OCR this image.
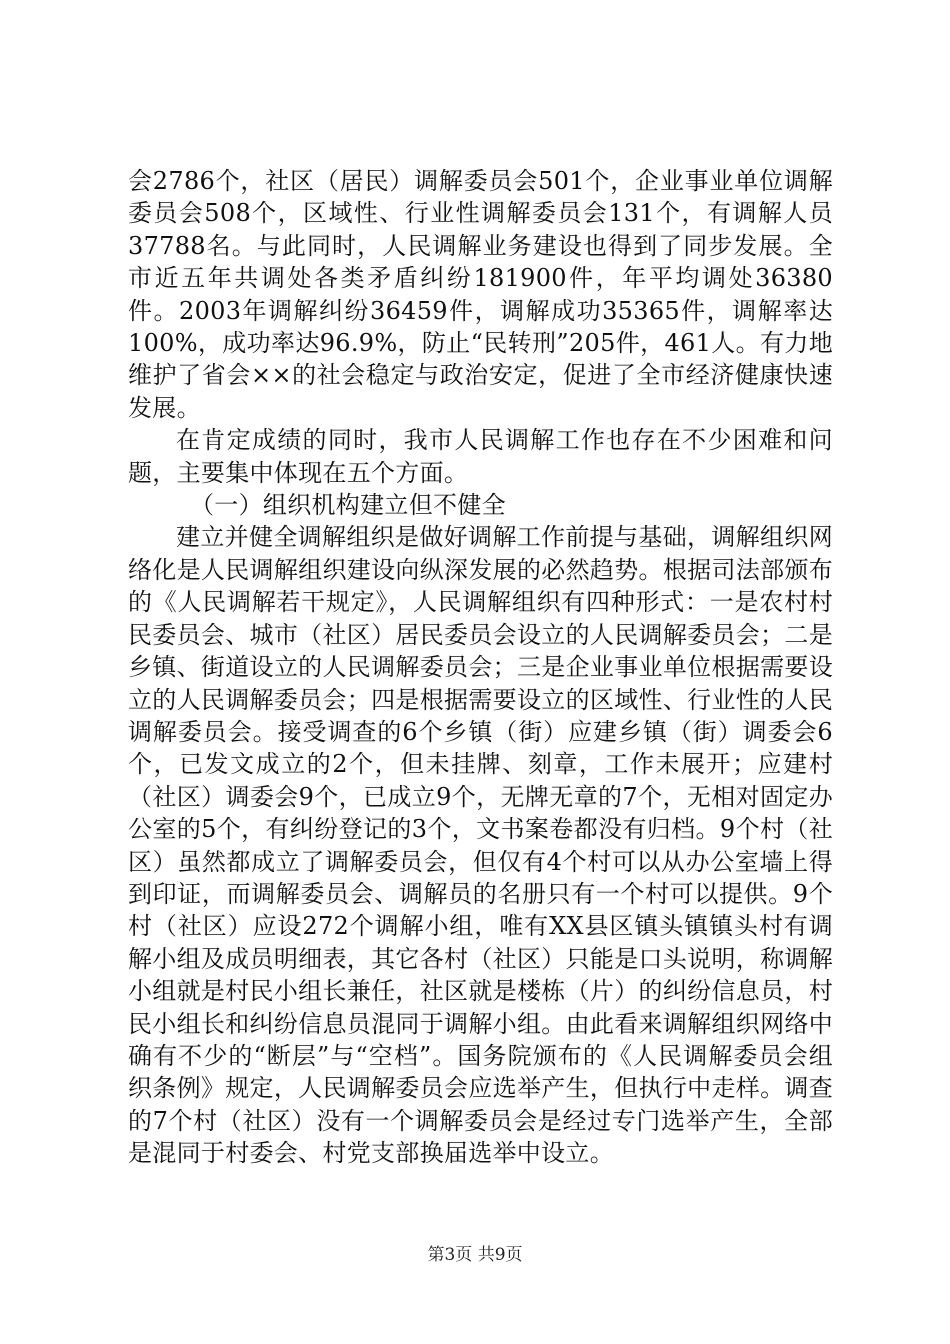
会2786个，社区（居民）调解委员会501个，企业事业单位调解委员会508个，区域性、行业性调解委员会131个，有调解人员37788名。与此同时，人民调解业务建设也得到了同步发展。全市近五年共调处各类矛盾纠纷181900件，年平均调处36380件。2003年调解纠纷36459件，调解成功35365件，调解率达100%，成功率达96.9%，防止“民转刑”205件，461人。有力地维护了省会××的社会稳定与政治安定，促进了全市经济健康快速发展。

在肯定成绩的同时，我市人民调解工作也存在不少困难和问题，主要集中体现在五个方面。

（一）组织机构建立但不健全

建立并健全调解组织是做好调解工作前提与基础，调解组织网络化是人民调解组织建设向纵深发展的必然趋势。根据司法部颁布的《人民调解若干规定》，人民调解组织有四种形式：一是农村村民委员会、城市（社区）居民委员会设立的人民调解委员会；二是乡镇、街道设立的人民调解委员会；三是企业事业单位根据需要设立的人民调解委员会；四是根据需要设立的区域性、行业性的人民调解委员会。接受调查的6个乡镇（街）应建乡镇（街）调委会6个，已发文成立的2个，但未挂牌、刻章，工作未展开；应建村（社区）调委会9个，已成立9个，无牌无章的7个，无相对固定办公室的5个，有纠纷登记的3个，文书案卷都没有归档。9个村（社区）虽然都成立了调解委员会，但仅有4个村可以从办公室墙上得到印证，而调解委员会、调解员的名册只有一个村可以提供。9个村（社区）应设272个调解小组，唯有XX县区镇头镇镇头村有调解小组及成员明细表，其它各村（社区）只能是口头说明，称调解小组就是村民小组长兼任，社区就是楼栋（片）的纠纷信息员，村民小组长和纠纷信息员混同于调解小组。由此看来调解组织网络中确有不少的“断层”与“空档”。国务院颁布的《人民调解委员会组织条例》规定，人民调解委员会应选举产生，但执行中走样。调查的7个村（社区）没有一个调解委员会是经过专门选举产生，全部是混同于村委会、村党支部换届选举中设立。

第3页 共9页
